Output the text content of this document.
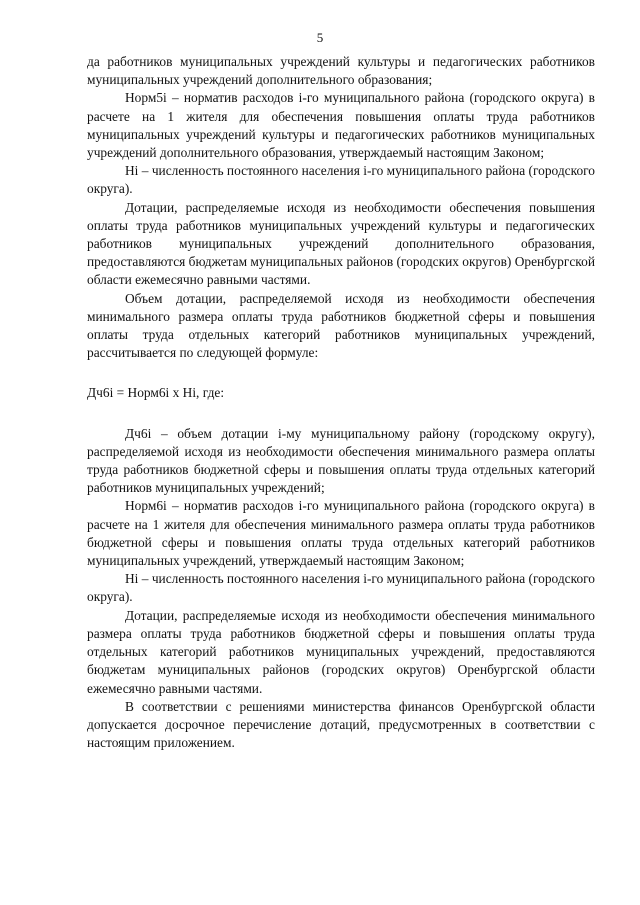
5

да работников муниципальных учреждений культуры и педагогических работников муниципальных учреждений дополнительного образования;

Норм5i – норматив расходов i-го муниципального района (городского округа) в расчете на 1 жителя для обеспечения повышения оплаты труда работников муниципальных учреждений культуры и педагогических работников муниципальных учреждений дополнительного образования, утверждаемый настоящим Законом;

Нi – численность постоянного населения i-го муниципального района (городского округа).

Дотации, распределяемые исходя из необходимости обеспечения повышения оплаты труда работников муниципальных учреждений культуры и педагогических работников муниципальных учреждений дополнительного образования, предоставляются бюджетам муниципальных районов (городских округов) Оренбургской области ежемесячно равными частями.

Объем дотации, распределяемой исходя из необходимости обеспечения минимального размера оплаты труда работников бюджетной сферы и повышения оплаты труда отдельных категорий работников муниципальных учреждений, рассчитывается по следующей формуле:

Дч6i = Норм6i х Нi, где:

Дч6i – объем дотации i-му муниципальному району (городскому округу), распределяемой исходя из необходимости обеспечения минимального размера оплаты труда работников бюджетной сферы и повышения оплаты труда отдельных категорий работников муниципальных учреждений;

Норм6i – норматив расходов i-го муниципального района (городского округа) в расчете на 1 жителя для обеспечения минимального размера оплаты труда работников бюджетной сферы и повышения оплаты труда отдельных категорий работников муниципальных учреждений, утверждаемый настоящим Законом;

Нi – численность постоянного населения i-го муниципального района (городского округа).

Дотации, распределяемые исходя из необходимости обеспечения минимального размера оплаты труда работников бюджетной сферы и повышения оплаты труда отдельных категорий работников муниципальных учреждений, предоставляются бюджетам муниципальных районов (городских округов) Оренбургской области ежемесячно равными частями.

В соответствии с решениями министерства финансов Оренбургской области допускается досрочное перечисление дотаций, предусмотренных в соответствии с настоящим приложением.
